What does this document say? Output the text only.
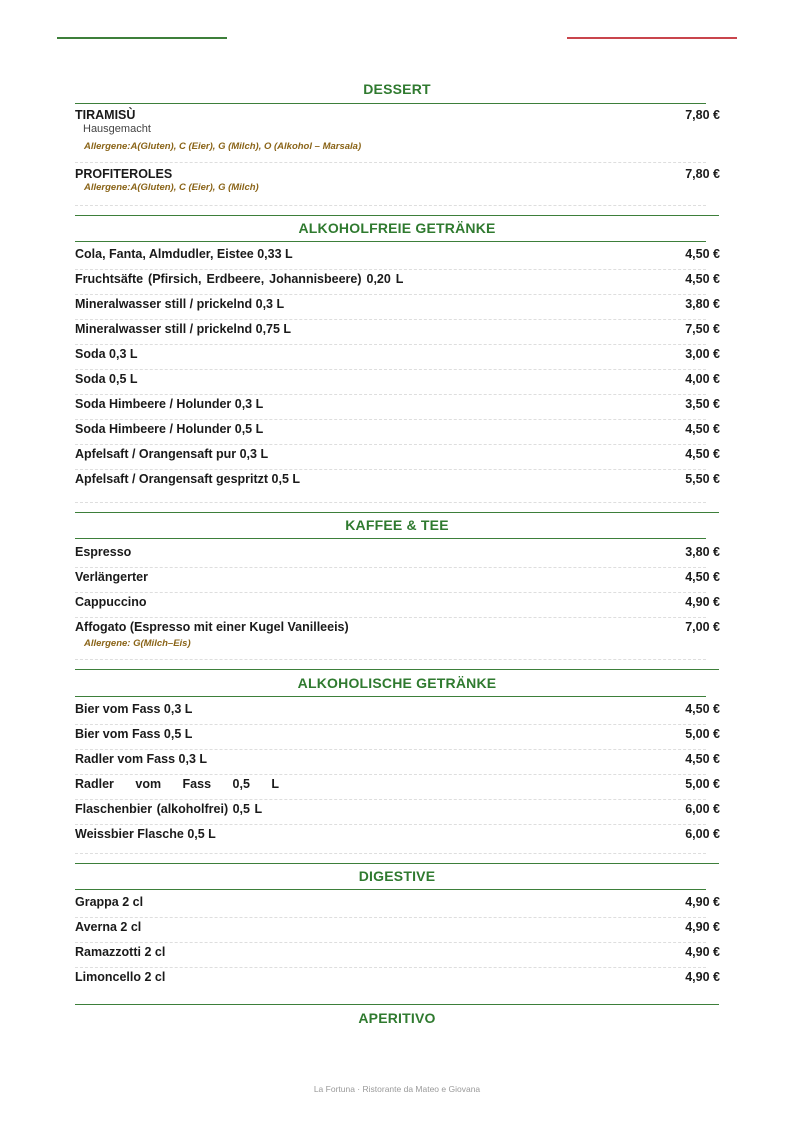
DESSERT
TIRAMISÙ	7,80 €
Hausgemacht
Allergene:A(Gluten), C (Eier), G (Milch), O (Alkohol – Marsala)
PROFITEROLES	7,80 €
Allergene:A(Gluten), C (Eier), G (Milch)
ALKOHOLFREIE GETRÄNKE
Cola, Fanta, Almdudler, Eistee 0,33 L	4,50 €
Fruchtsäfte (Pfirsich, Erdbeere, Johannisbeere) 0,20 L	4,50 €
Mineralwasser still / prickelnd 0,3 L	3,80 €
Mineralwasser still / prickelnd 0,75 L	7,50 €
Soda 0,3 L	3,00 €
Soda 0,5 L	4,00 €
Soda Himbeere / Holunder 0,3 L	3,50 €
Soda Himbeere / Holunder 0,5 L	4,50 €
Apfelsaft / Orangensaft pur 0,3 L	4,50 €
Apfelsaft / Orangensaft gespritzt 0,5 L	5,50 €
KAFFEE & TEE
Espresso	3,80 €
Verlängerter	4,50 €
Cappuccino	4,90 €
Affogato (Espresso mit einer Kugel Vanilleeis)	7,00 €
Allergene: G(Milch–Eis)
ALKOHOLISCHE GETRÄNKE
Bier vom Fass 0,3 L	4,50 €
Bier vom Fass 0,5 L	5,00 €
Radler vom Fass 0,3 L	4,50 €
Radler vom Fass 0,5 L	5,00 €
Flaschenbier (alkoholfrei) 0,5 L	6,00 €
Weissbier Flasche 0,5 L	6,00 €
DIGESTIVE
Grappa 2 cl	4,90 €
Averna 2 cl	4,90 €
Ramazzotti 2 cl	4,90 €
Limoncello 2 cl	4,90 €
APERITIVO
La Fortuna · Ristorante da Mateo e Giovana
